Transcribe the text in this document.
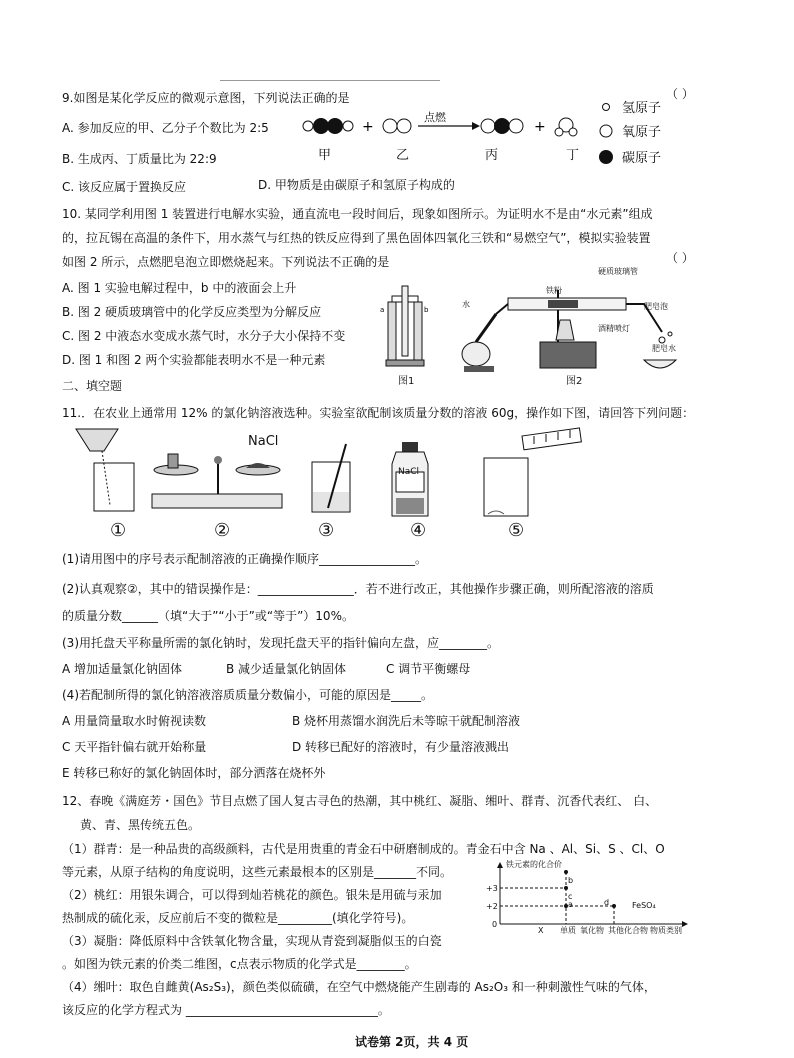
9.如图是某化学反应的微观示意图，下列说法正确的是	（ ）
A. 参加反应的甲、乙分子个数比为 2:5
B. 生成丙、丁质量比为 22:9
C. 该反应属于置换反应	D. 甲物质是由碳原子和氢原子构成的
+	+
点燃
甲	乙	丙	丁
氢原子
氧原子
碳原子
10. 某同学利用图 1 装置进行电解水实验，通直流电一段时间后，现象如图所示。为证明水不是由“水元素”组成
的，拉瓦锡在高温的条件下，用水蒸气与红热的铁反应得到了黑色固体四氧化三铁和“易燃空气”，模拟实验装置
如图 2 所示，点燃肥皂泡立即燃烧起来。下列说法不正确的是	（ ）
A. 图 1 实验电解过程中，b 中的液面会上升
B. 图 2 硬质玻璃管中的化学反应类型为分解反应
C. 图 2 中液态水变成水蒸气时，水分子大小保持不变
D. 图 1 和图 2 两个实验都能表明水不是一种元素
a	b
图1
铁粉
硬质玻璃管
水	肥皂泡
酒精喷灯
肥皂水
图2
二、填空题
11.．在农业上通常用 12% 的氯化钠溶液选种。实验室欲配制该质量分数的溶液 60g，操作如下图，请回答下列问题：
NaCl
NaCl
①	②	③	④	⑤
(1)请用图中的序号表示配制溶液的正确操作顺序________________。
(2)认真观察②，其中的错误操作是：________________．若不进行改正，其他操作步骤正确，则所配溶液的溶质
的质量分数______（填“大于”“小于”或“等于”）10%。
(3)用托盘天平称量所需的氯化钠时，发现托盘天平的指针偏向左盘，应________。
A 增加适量氯化钠固体	B 减少适量氯化钠固体	C 调节平衡螺母
(4)若配制所得的氯化钠溶液溶质质量分数偏小，可能的原因是_____。
A 用量筒量取水时俯视读数	B 烧杯用蒸馏水润洗后未等晾干就配制溶液
C 天平指针偏右就开始称量	D 转移已配好的溶液时，有少量溶液溅出
E 转移已称好的氯化钠固体时，部分洒落在烧杯外
12、春晚《满庭芳・国色》节目点燃了国人复古寻色的热潮，其中桃红、凝脂、缃叶、群青、沉香代表红、 白、
黄、青、黑传统五色。
（1）群青：是一种品贵的高级颜料，古代是用贵重的青金石中研磨制成的。青金石中含 Na 、Al、Si、S 、Cl、O
等元素，从原子结构的角度说明，这些元素最根本的区别是_______不同。
（2）桃红：用银朱调合，可以得到灿若桃花的颜色。银朱是用硫与汞加
热制成的硫化汞，反应前后不变的微粒是_________(填化学符号)。
（3）凝脂：降低原料中含铁氧化物含量，实现从青瓷到凝脂似玉的白瓷
。如图为铁元素的价类二维图，c点表示物质的化学式是________。
（4）缃叶：取色自雌黄(As₂S₃)，颜色类似硫磺，在空气中燃烧能产生剧毒的 As₂O₃ 和一种刺激性气味的气体，
该反应的化学方程式为 ________________________________。
铁元素的化合价
+3
+2
0
a
b
c
d	FeSO₄
X 单质 氧化物 其他化合物 物质类别
试卷第 2页，共 4 页
